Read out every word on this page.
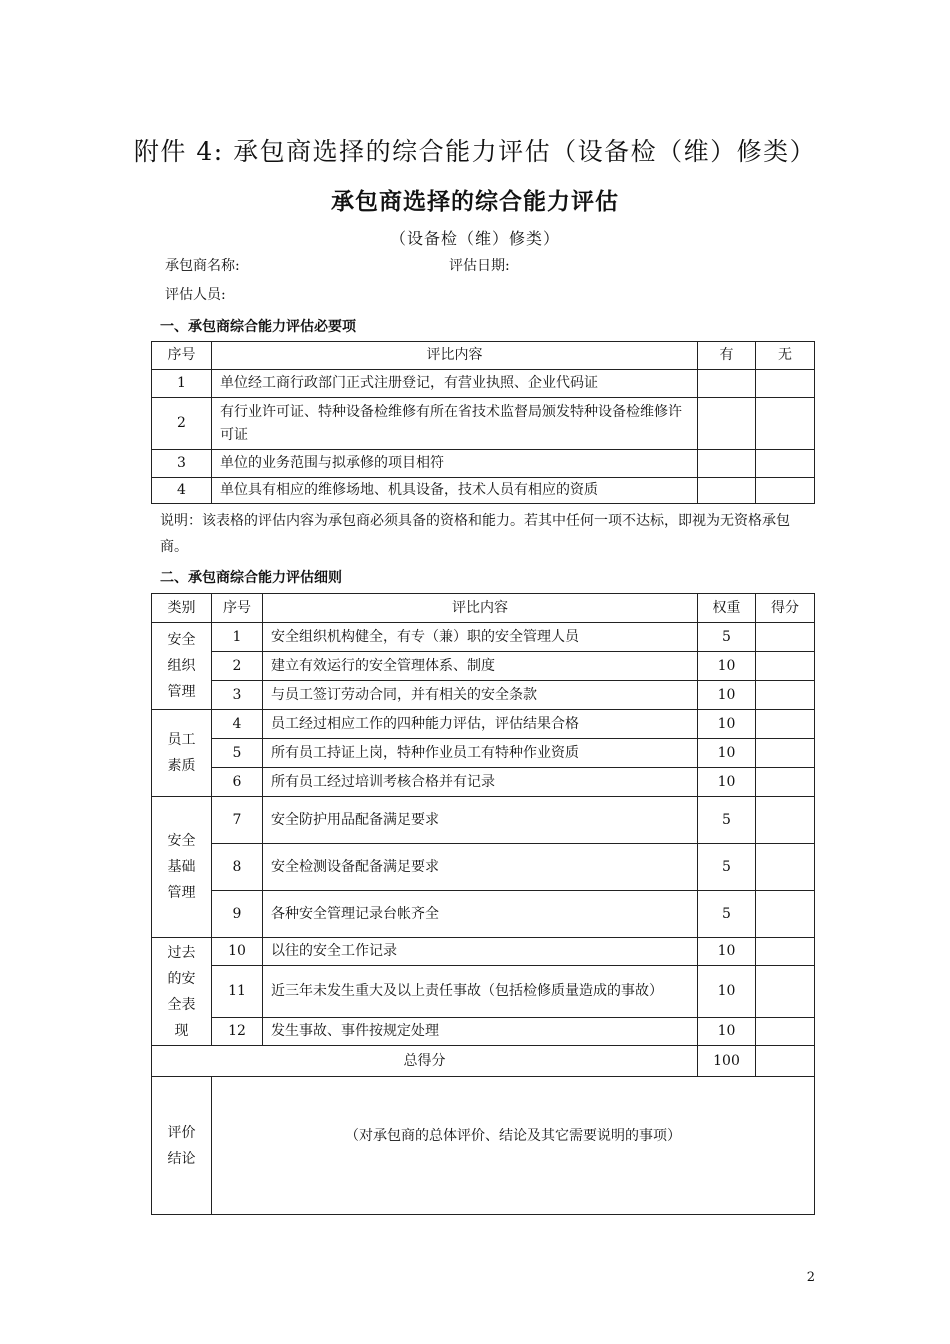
附件 4: 承包商选择的综合能力评估（设备检（维）修类）
承包商选择的综合能力评估
（设备检（维）修类）
承包商名称:	评估日期:
评估人员:
一、承包商综合能力评估必要项
序号	评比内容	有	无
1	单位经工商行政部门正式注册登记，有营业执照、企业代码证		
2	有行业许可证、特种设备检维修有所在省技术监督局颁发特种设备检维修许可证		
3	单位的业务范围与拟承修的项目相符		
4	单位具有相应的维修场地、机具设备，技术人员有相应的资质		
说明：该表格的评估内容为承包商必须具备的资格和能力。若其中任何一项不达标，即视为无资格承包商。
二、承包商综合能力评估细则
类别	序号	评比内容	权重	得分

安全组织管理	1	安全组织机构健全，有专（兼）职的安全管理人员	5	
	2	建立有效运行的安全管理体系、制度	10	
	3	与员工签订劳动合同，并有相关的安全条款	10	

员工素质	4	员工经过相应工作的四种能力评估，评估结果合格	10	
	5	所有员工持证上岗，特种作业员工有特种作业资质	10	
	6	所有员工经过培训考核合格并有记录	10	

安全基础管理	7	安全防护用品配备满足要求	5	
	8	安全检测设备配备满足要求	5	
	9	各种安全管理记录台帐齐全	5	

过去的安全表现	10	以往的安全工作记录	10	
	11	近三年未发生重大及以上责任事故（包括检修质量造成的事故）	10	
	12	发生事故、事件按规定处理	10	
总得分			100	

评价结论	（对承包商的总体评价、结论及其它需要说明的事项）			
2
